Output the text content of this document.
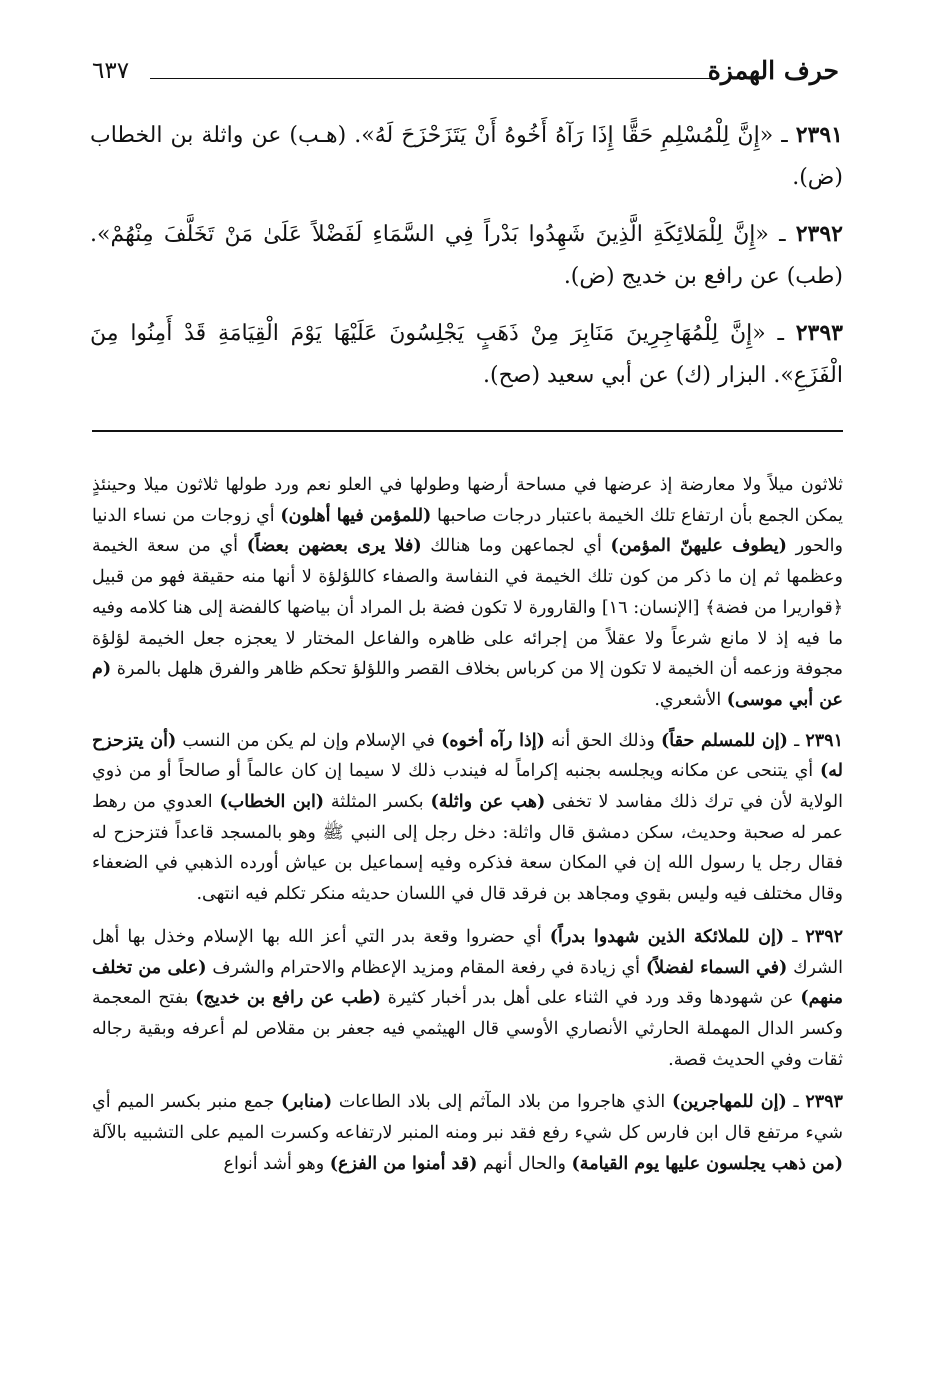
حرف الهمزة
٦٣٧

٢٣٩١ ـ «إِنَّ لِلْمُسْلِمِ حَقًّا إِذَا رَآهُ أَخُوهُ أَنْ يَتَزَحْزَحَ لَهُ». (هـب) عن واثلة بن الخطاب (ض).

٢٣٩٢ ـ «إِنَّ لِلْمَلائِكَةِ الَّذِينَ شَهِدُوا بَدْراً فِي السَّمَاءِ لَفَضْلاً عَلَىٰ مَنْ تَخَلَّفَ مِنْهُمْ». (طب) عن رافع بن خديج (ض).

٢٣٩٣ ـ «إِنَّ لِلْمُهَاجِرِينَ مَنَابِرَ مِنْ ذَهَبٍ يَجْلِسُونَ عَلَيْهَا يَوْمَ الْقِيَامَةِ قَدْ أَمِنُوا مِنَ الْفَزَعِ». البزار (ك) عن أبي سعيد (صح).

ثلاثون ميلاً ولا معارضة إذ عرضها في مساحة أرضها وطولها في العلو نعم ورد طولها ثلاثون ميلا وحينئذٍ يمكن الجمع بأن ارتفاع تلك الخيمة باعتبار درجات صاحبها (للمؤمن فيها أهلون) أي زوجات من نساء الدنيا والحور (يطوف عليهنّ المؤمن) أي لجماعهن وما هنالك (فلا يرى بعضهن بعضاً) أي من سعة الخيمة وعظمها ثم إن ما ذكر من كون تلك الخيمة في النفاسة والصفاء كاللؤلؤة لا أنها منه حقيقة فهو من قبيل ﴿قواريرا من فضة﴾ [الإنسان: ١٦] والقارورة لا تكون فضة بل المراد أن بياضها كالفضة إلى هنا كلامه وفيه ما فيه إذ لا مانع شرعاً ولا عقلاً من إجرائه على ظاهره والفاعل المختار لا يعجزه جعل الخيمة لؤلؤة مجوفة وزعمه أن الخيمة لا تكون إلا من كرباس بخلاف القصر واللؤلؤ تحكم ظاهر والفرق هلهل بالمرة (م عن أبي موسى) الأشعري.

٢٣٩١ ـ (إن للمسلم حقاً) وذلك الحق أنه (إذا رآه أخوه) في الإسلام وإن لم يكن من النسب (أن يتزحزح له) أي يتنحى عن مكانه ويجلسه بجنبه إكراماً له فيندب ذلك لا سيما إن كان عالماً أو صالحاً أو من ذوي الولاية لأن في ترك ذلك مفاسد لا تخفى (هب عن واثلة) بكسر المثلثة (ابن الخطاب) العدوي من رهط عمر له صحبة وحديث، سكن دمشق قال واثلة: دخل رجل إلى النبي ﷺ وهو بالمسجد قاعداً فتزحزح له فقال رجل يا رسول الله إن في المكان سعة فذكره وفيه إسماعيل بن عياش أورده الذهبي في الضعفاء وقال مختلف فيه وليس بقوي ومجاهد بن فرقد قال في اللسان حديثه منكر تكلم فيه انتهى.

٢٣٩٢ ـ (إن للملائكة الذين شهدوا بدراً) أي حضروا وقعة بدر التي أعز الله بها الإسلام وخذل بها أهل الشرك (في السماء لفضلاً) أي زيادة في رفعة المقام ومزيد الإعظام والاحترام والشرف (على من تخلف منهم) عن شهودها وقد ورد في الثناء على أهل بدر أخبار كثيرة (طب عن رافع بن خديج) بفتح المعجمة وكسر الدال المهملة الحارثي الأنصاري الأوسي قال الهيثمي فيه جعفر بن مقلاص لم أعرفه وبقية رجاله ثقات وفي الحديث قصة.

٢٣٩٣ ـ (إن للمهاجرين) الذي هاجروا من بلاد المآثم إلى بلاد الطاعات (منابر) جمع منبر بكسر الميم أي شيء مرتفع قال ابن فارس كل شيء رفع فقد نبر ومنه المنبر لارتفاعه وكسرت الميم على التشبيه بالآلة (من ذهب يجلسون عليها يوم القيامة) والحال أنهم (قد أمنوا من الفزع) وهو أشد أنواع
